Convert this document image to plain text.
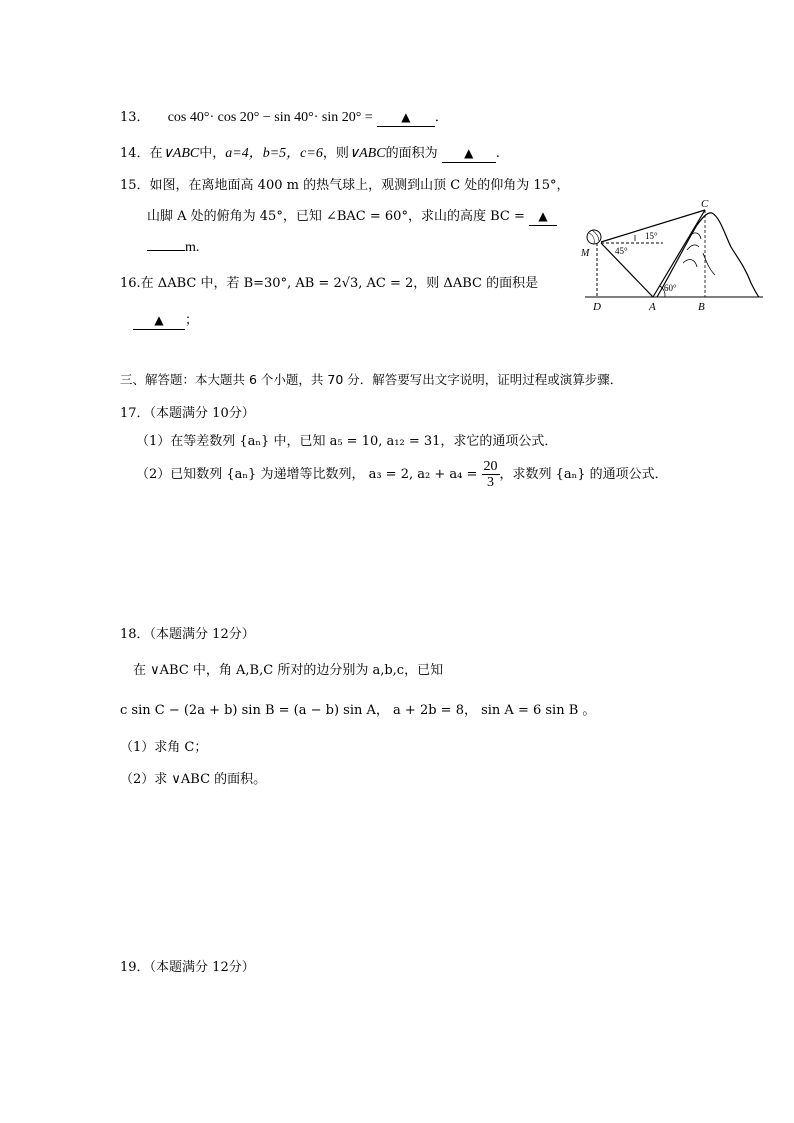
13． cos 40°· cos 20° − sin 40°· sin 20° = ▲ ．
14．在∨ABC中，a=4，b=5，c=6，则∨ABC的面积为 ▲ .
15．如图，在离地面高 400 m 的热气球上，观测到山顶 C 处的仰角为 15°，
山脚 A 处的俯角为 45°，已知 ∠BAC = 60°，求山的高度 BC = ▲
m.
16.在 ΔABC 中，若 B=30°, AB = 2√3, AC = 2，则 ΔABC 的面积是
▲ ；
C
M
D	A	B
45°
15°
60°
三、解答题：本大题共 6 个小题，共 70 分．解答要写出文字说明，证明过程或演算步骤．
17．（本题满分 10分）
（1）在等差数列 {aₙ} 中，已知 a₅ = 10, a₁₂ = 31，求它的通项公式．
（2）已知数列 {aₙ} 为递增等比数列， a₃ = 2, $a_2 + a_4 = \frac{20}{3}$ ，求数列 {aₙ} 的通项公式．
18．（本题满分 12分）
在 ∨ABC 中，角 A,B,C 所对的边分别为 a,b,c，已知
c sin C − (2a + b) sin B = (a − b) sin A， a + 2b = 8， sin A = 6 sin B 。
（1）求角 C；
（2）求 ∨ABC 的面积。
19．（本题满分 12分）
